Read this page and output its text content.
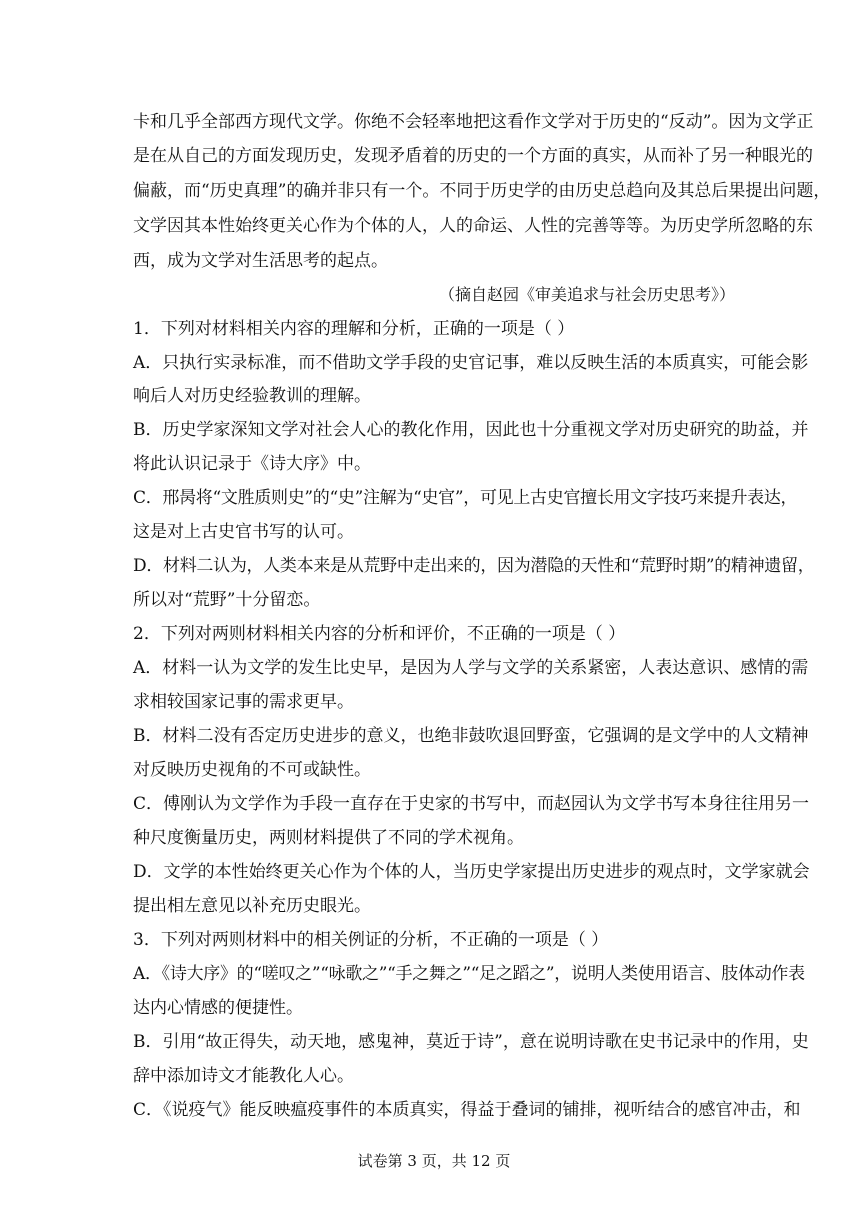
卡和几乎全部西方现代文学。你绝不会轻率地把这看作文学对于历史的“反动”。因为文学正
是在从自己的方面发现历史，发现矛盾着的历史的一个方面的真实，从而补了另一种眼光的
偏蔽，而“历史真理”的确并非只有一个。不同于历史学的由历史总趋向及其总后果提出问题，
文学因其本性始终更关心作为个体的人，人的命运、人性的完善等等。为历史学所忽略的东
西，成为文学对生活思考的起点。
（摘自赵园《审美追求与社会历史思考》）
1．下列对材料相关内容的理解和分析，正确的一项是（ ）
A．只执行实录标准，而不借助文学手段的史官记事，难以反映生活的本质真实，可能会影
响后人对历史经验教训的理解。
B．历史学家深知文学对社会人心的教化作用，因此也十分重视文学对历史研究的助益，并
将此认识记录于《诗大序》中。
C．邢昺将“文胜质则史”的“史”注解为“史官”，可见上古史官擅长用文字技巧来提升表达，
这是对上古史官书写的认可。
D．材料二认为，人类本来是从荒野中走出来的，因为潜隐的天性和“荒野时期”的精神遗留，
所以对“荒野”十分留恋。
2．下列对两则材料相关内容的分析和评价，不正确的一项是（ ）
A．材料一认为文学的发生比史早，是因为人学与文学的关系紧密，人表达意识、感情的需
求相较国家记事的需求更早。
B．材料二没有否定历史进步的意义，也绝非鼓吹退回野蛮，它强调的是文学中的人文精神
对反映历史视角的不可或缺性。
C．傅刚认为文学作为手段一直存在于史家的书写中，而赵园认为文学书写本身往往用另一
种尺度衡量历史，两则材料提供了不同的学术视角。
D．文学的本性始终更关心作为个体的人，当历史学家提出历史进步的观点时，文学家就会
提出相左意见以补充历史眼光。
3．下列对两则材料中的相关例证的分析，不正确的一项是（ ）
A．《诗大序》的“嗟叹之”“咏歌之”“手之舞之”“足之蹈之”，说明人类使用语言、肢体动作表
达内心情感的便捷性。
B．引用“故正得失，动天地，感鬼神，莫近于诗”，意在说明诗歌在史书记录中的作用，史
辞中添加诗文才能教化人心。
C．《说疫气》能反映瘟疫事件的本质真实，得益于叠词的铺排，视听结合的感官冲击，和
试卷第 3 页，共 12 页
